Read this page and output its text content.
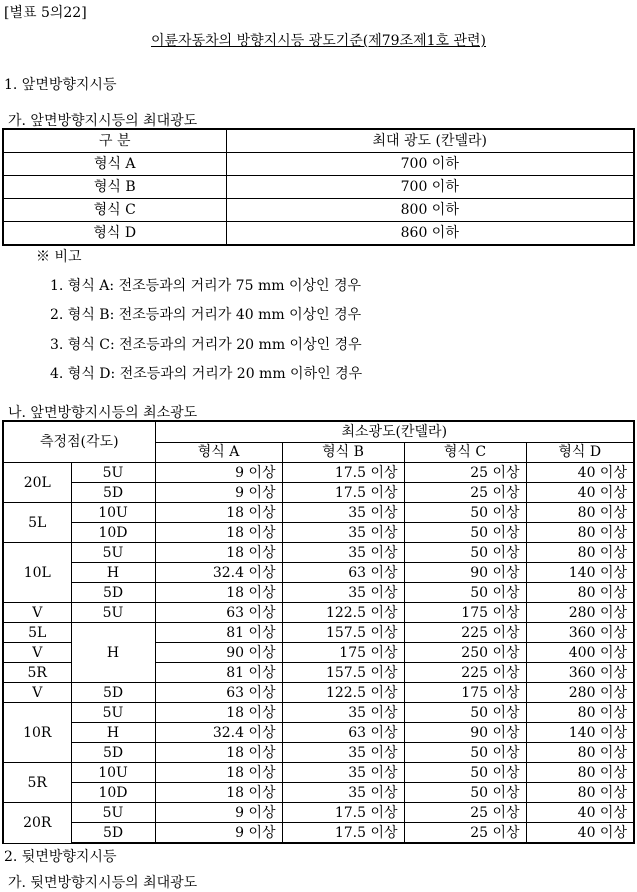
[별표 5의22]
이륜자동차의 방향지시등 광도기준(제79조제1호 관련)
1. 앞면방향지시등
가. 앞면방향지시등의 최대광도
구 분	최대 광도 (칸델라)
형식 A	700 이하
형식 B	700 이하
형식 C	800 이하
형식 D	860 이하
※ 비고
1. 형식 A: 전조등과의 거리가 75 mm 이상인 경우
2. 형식 B: 전조등과의 거리가 40 mm 이상인 경우
3. 형식 C: 전조등과의 거리가 20 mm 이상인 경우
4. 형식 D: 전조등과의 거리가 20 mm 이하인 경우
나. 앞면방향지시등의 최소광도
측정점(각도)		최소광도(칸델라)			
		형식 A	형식 B	형식 C	형식 D
20L	5U	9 이상	17.5 이상	25 이상	40 이상
	5D	9 이상	17.5 이상	25 이상	40 이상
5L	10U	18 이상	35 이상	50 이상	80 이상
	10D	18 이상	35 이상	50 이상	80 이상
10L	5U	18 이상	35 이상	50 이상	80 이상
	H	32.4 이상	63 이상	90 이상	140 이상
	5D	18 이상	35 이상	50 이상	80 이상
V	5U	63 이상	122.5 이상	175 이상	280 이상
5L	H	81 이상	157.5 이상	225 이상	360 이상
V		90 이상	175 이상	250 이상	400 이상
5R		81 이상	157.5 이상	225 이상	360 이상
V	5D	63 이상	122.5 이상	175 이상	280 이상
10R	5U	18 이상	35 이상	50 이상	80 이상
	H	32.4 이상	63 이상	90 이상	140 이상
	5D	18 이상	35 이상	50 이상	80 이상
5R	10U	18 이상	35 이상	50 이상	80 이상
	10D	18 이상	35 이상	50 이상	80 이상
20R	5U	9 이상	17.5 이상	25 이상	40 이상
	5D	9 이상	17.5 이상	25 이상	40 이상
2. 뒷면방향지시등
가. 뒷면방향지시등의 최대광도
